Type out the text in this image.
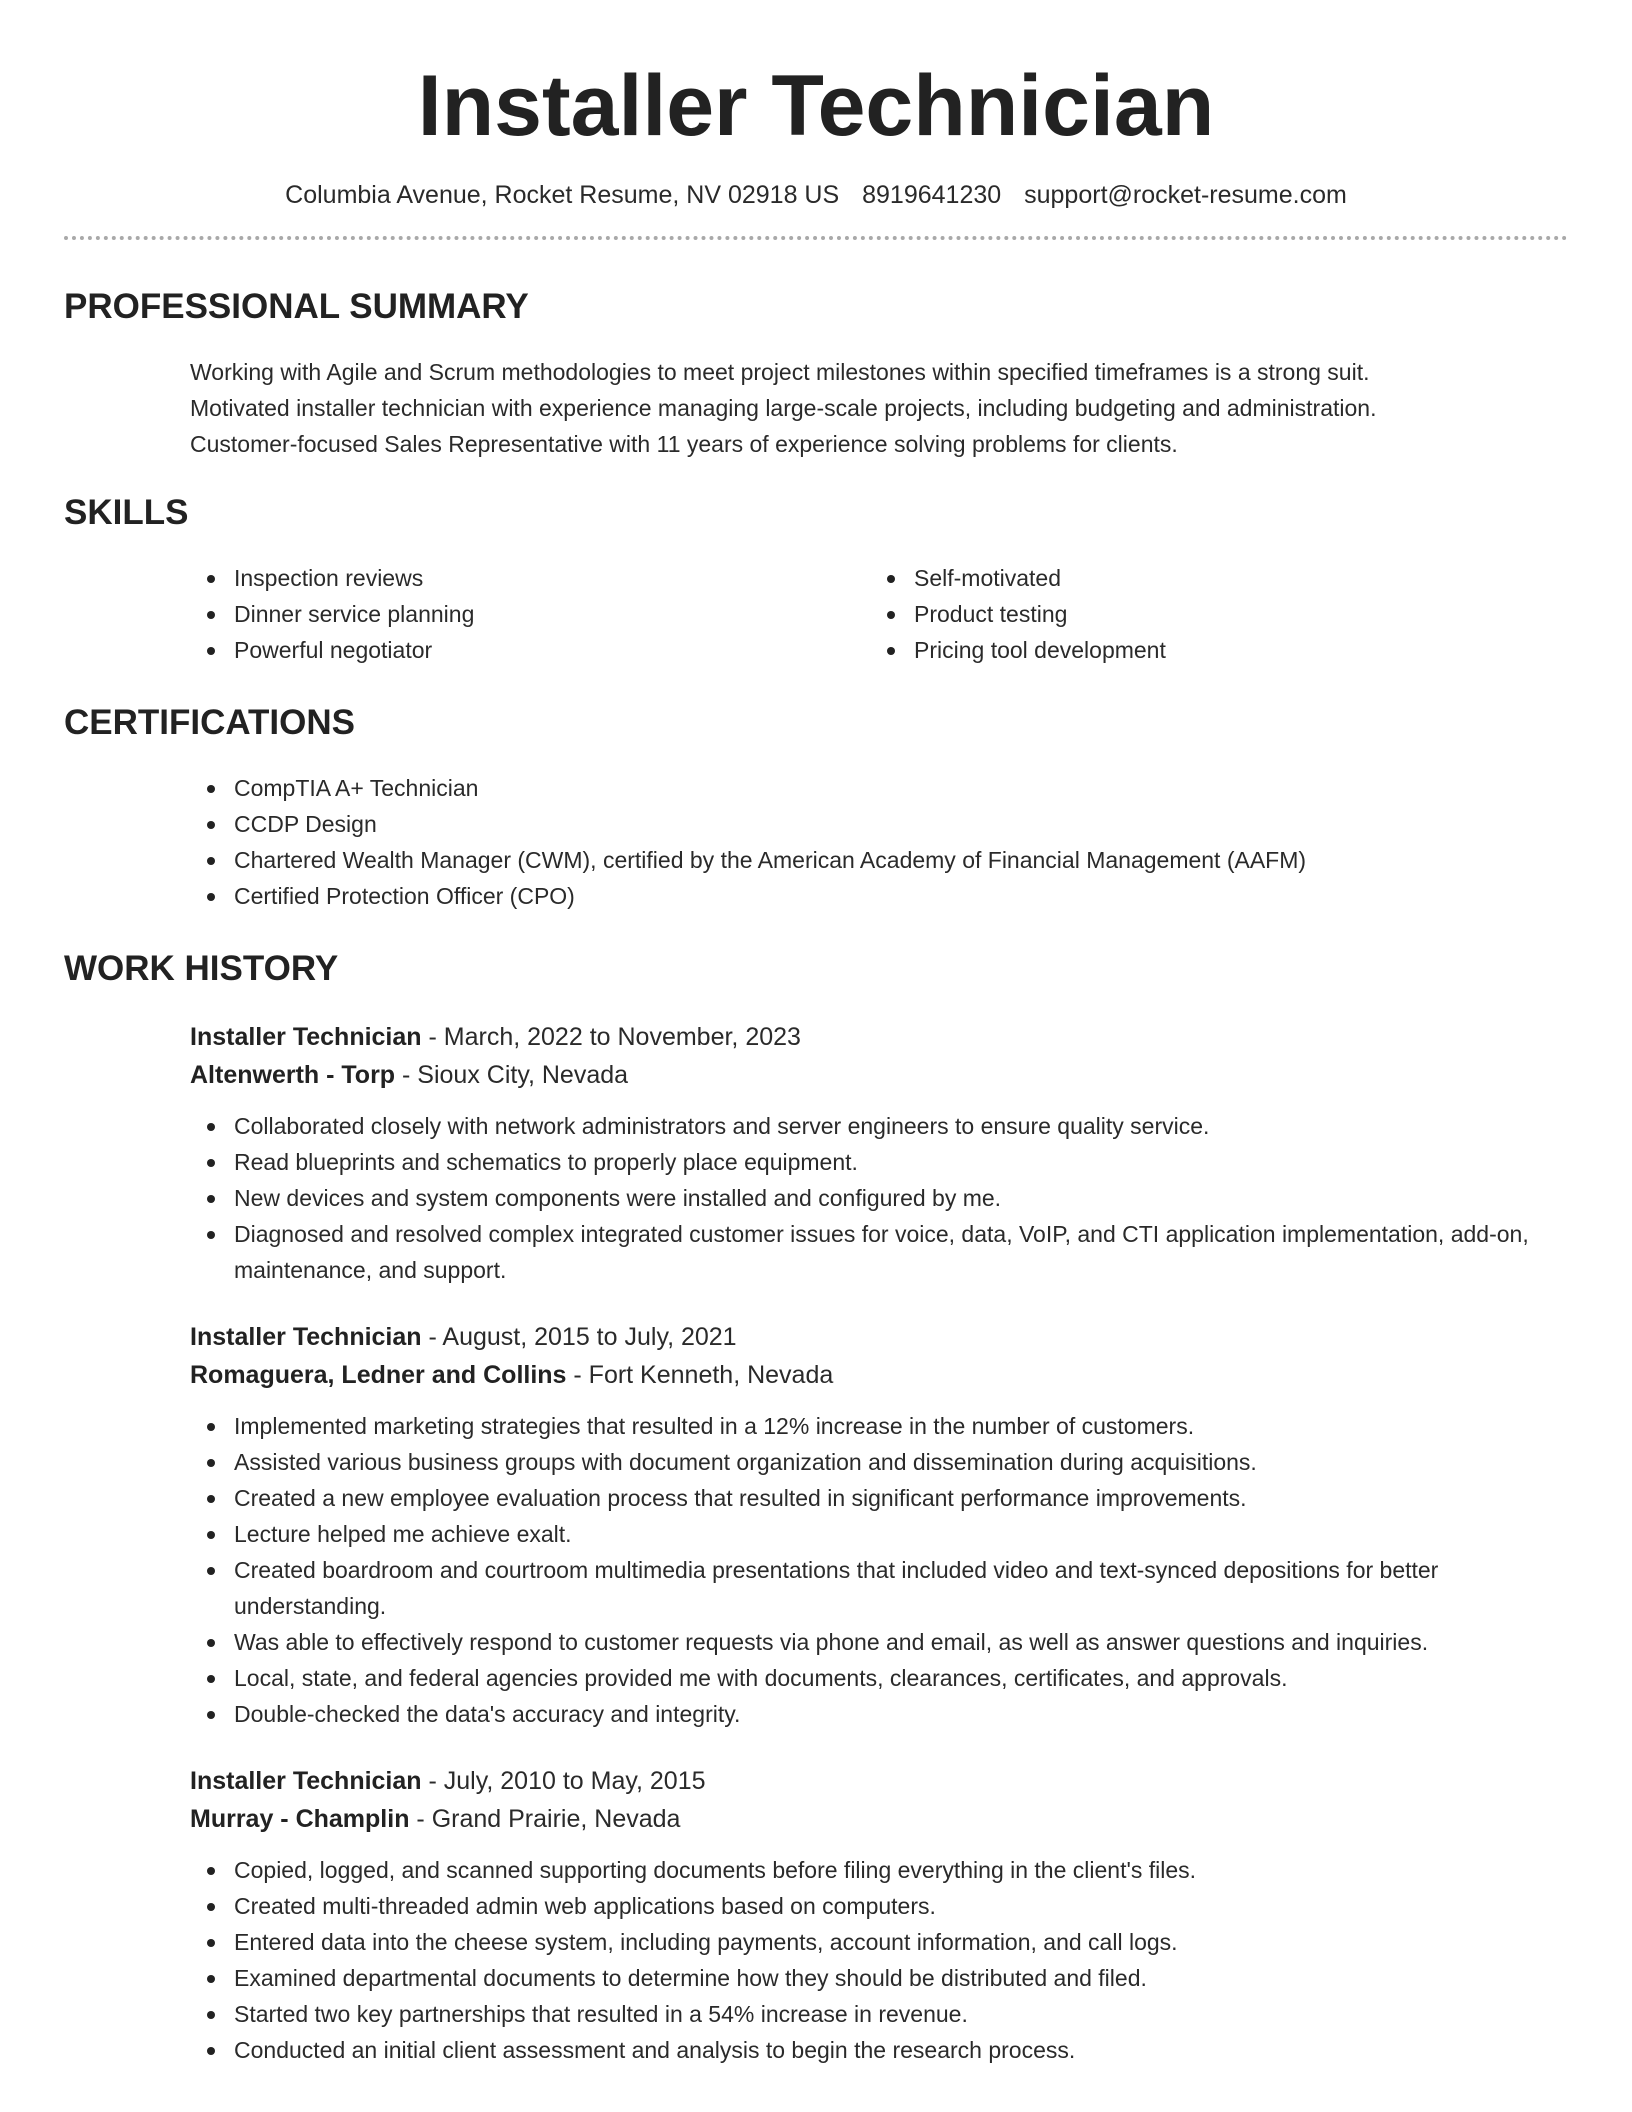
Installer Technician
Columbia Avenue, Rocket Resume, NV 02918 US 8919641230 support@rocket-resume.com
PROFESSIONAL SUMMARY
Working with Agile and Scrum methodologies to meet project milestones within specified timeframes is a strong suit.
Motivated installer technician with experience managing large-scale projects, including budgeting and administration.
Customer-focused Sales Representative with 11 years of experience solving problems for clients.
SKILLS
Inspection reviews
Dinner service planning
Powerful negotiator
Self-motivated
Product testing
Pricing tool development
CERTIFICATIONS
CompTIA A+ Technician
CCDP Design
Chartered Wealth Manager (CWM), certified by the American Academy of Financial Management (AAFM)
Certified Protection Officer (CPO)
WORK HISTORY
Installer Technician - March, 2022 to November, 2023
Altenwerth - Torp - Sioux City, Nevada
Collaborated closely with network administrators and server engineers to ensure quality service.
Read blueprints and schematics to properly place equipment.
New devices and system components were installed and configured by me.
Diagnosed and resolved complex integrated customer issues for voice, data, VoIP, and CTI application implementation, add-on, maintenance, and support.
Installer Technician - August, 2015 to July, 2021
Romaguera, Ledner and Collins - Fort Kenneth, Nevada
Implemented marketing strategies that resulted in a 12% increase in the number of customers.
Assisted various business groups with document organization and dissemination during acquisitions.
Created a new employee evaluation process that resulted in significant performance improvements.
Lecture helped me achieve exalt.
Created boardroom and courtroom multimedia presentations that included video and text-synced depositions for better understanding.
Was able to effectively respond to customer requests via phone and email, as well as answer questions and inquiries.
Local, state, and federal agencies provided me with documents, clearances, certificates, and approvals.
Double-checked the data's accuracy and integrity.
Installer Technician - July, 2010 to May, 2015
Murray - Champlin - Grand Prairie, Nevada
Copied, logged, and scanned supporting documents before filing everything in the client's files.
Created multi-threaded admin web applications based on computers.
Entered data into the cheese system, including payments, account information, and call logs.
Examined departmental documents to determine how they should be distributed and filed.
Started two key partnerships that resulted in a 54% increase in revenue.
Conducted an initial client assessment and analysis to begin the research process.
